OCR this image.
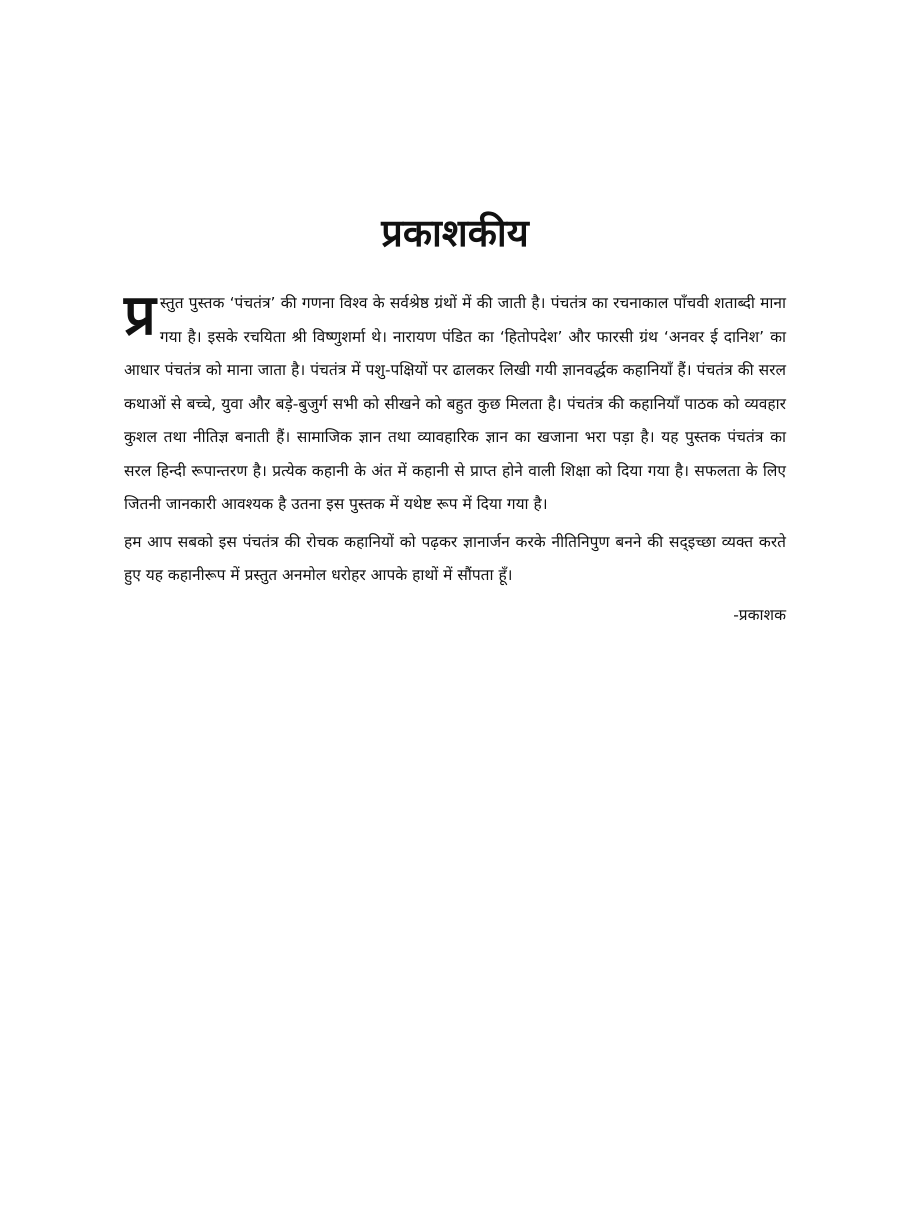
प्रकाशकीय

प्र स्तुत पुस्तक ‘पंचतंत्र’ की गणना विश्व के सर्वश्रेष्ठ ग्रंथों में की जाती है। पंचतंत्र का रचनाकाल पाँचवी शताब्दी माना गया है। इसके रचयिता श्री विष्णुशर्मा थे। नारायण पंडित का ‘हितोपदेश’ और फारसी ग्रंथ ‘अनवर ई दानिश’ का आधार पंचतंत्र को माना जाता है। पंचतंत्र में पशु-पक्षियों पर ढालकर लिखी गयी ज्ञानवर्द्धक कहानियाँ हैं। पंचतंत्र की सरल कथाओं से बच्चे, युवा और बड़े-बुजुर्ग सभी को सीखने को बहुत कुछ मिलता है। पंचतंत्र की कहानियाँ पाठक को व्यवहार कुशल तथा नीतिज्ञ बनाती हैं। सामाजिक ज्ञान तथा व्यावहारिक ज्ञान का खजाना भरा पड़ा है। यह पुस्तक पंचतंत्र का सरल हिन्दी रूपान्तरण है। प्रत्येक कहानी के अंत में कहानी से प्राप्त होने वाली शिक्षा को दिया गया है। सफलता के लिए जितनी जानकारी आवश्यक है उतना इस पुस्तक में यथेष्ट रूप में दिया गया है।

हम आप सबको इस पंचतंत्र की रोचक कहानियों को पढ़कर ज्ञानार्जन करके नीतिनिपुण बनने की सद्इच्छा व्यक्त करते हुए यह कहानीरूप में प्रस्तुत अनमोल धरोहर आपके हाथों में सौंपता हूँ।

-प्रकाशक
